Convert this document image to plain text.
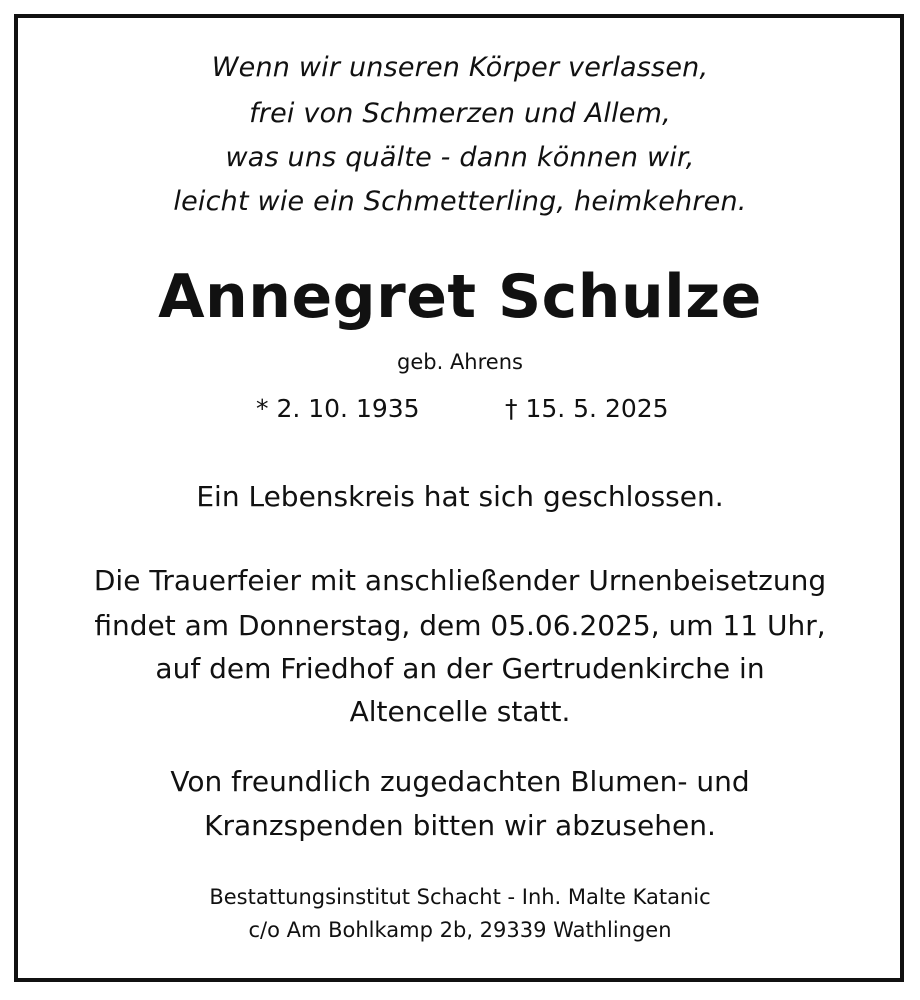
Wenn wir unseren Körper verlassen,
frei von Schmerzen und Allem,
was uns quälte - dann können wir,
leicht wie ein Schmetterling, heimkehren.
Annegret Schulze
geb. Ahrens
* 2. 10. 1935	† 15. 5. 2025
Ein Lebenskreis hat sich geschlossen.
Die Trauerfeier mit anschließender Urnenbeisetzung
findet am Donnerstag, dem 05.06.2025, um 11 Uhr,
auf dem Friedhof an der Gertrudenkirche in
Altencelle statt.
Von freundlich zugedachten Blumen- und
Kranzspenden bitten wir abzusehen.
Bestattungsinstitut Schacht - Inh. Malte Katanic
c/o Am Bohlkamp 2b, 29339 Wathlingen
